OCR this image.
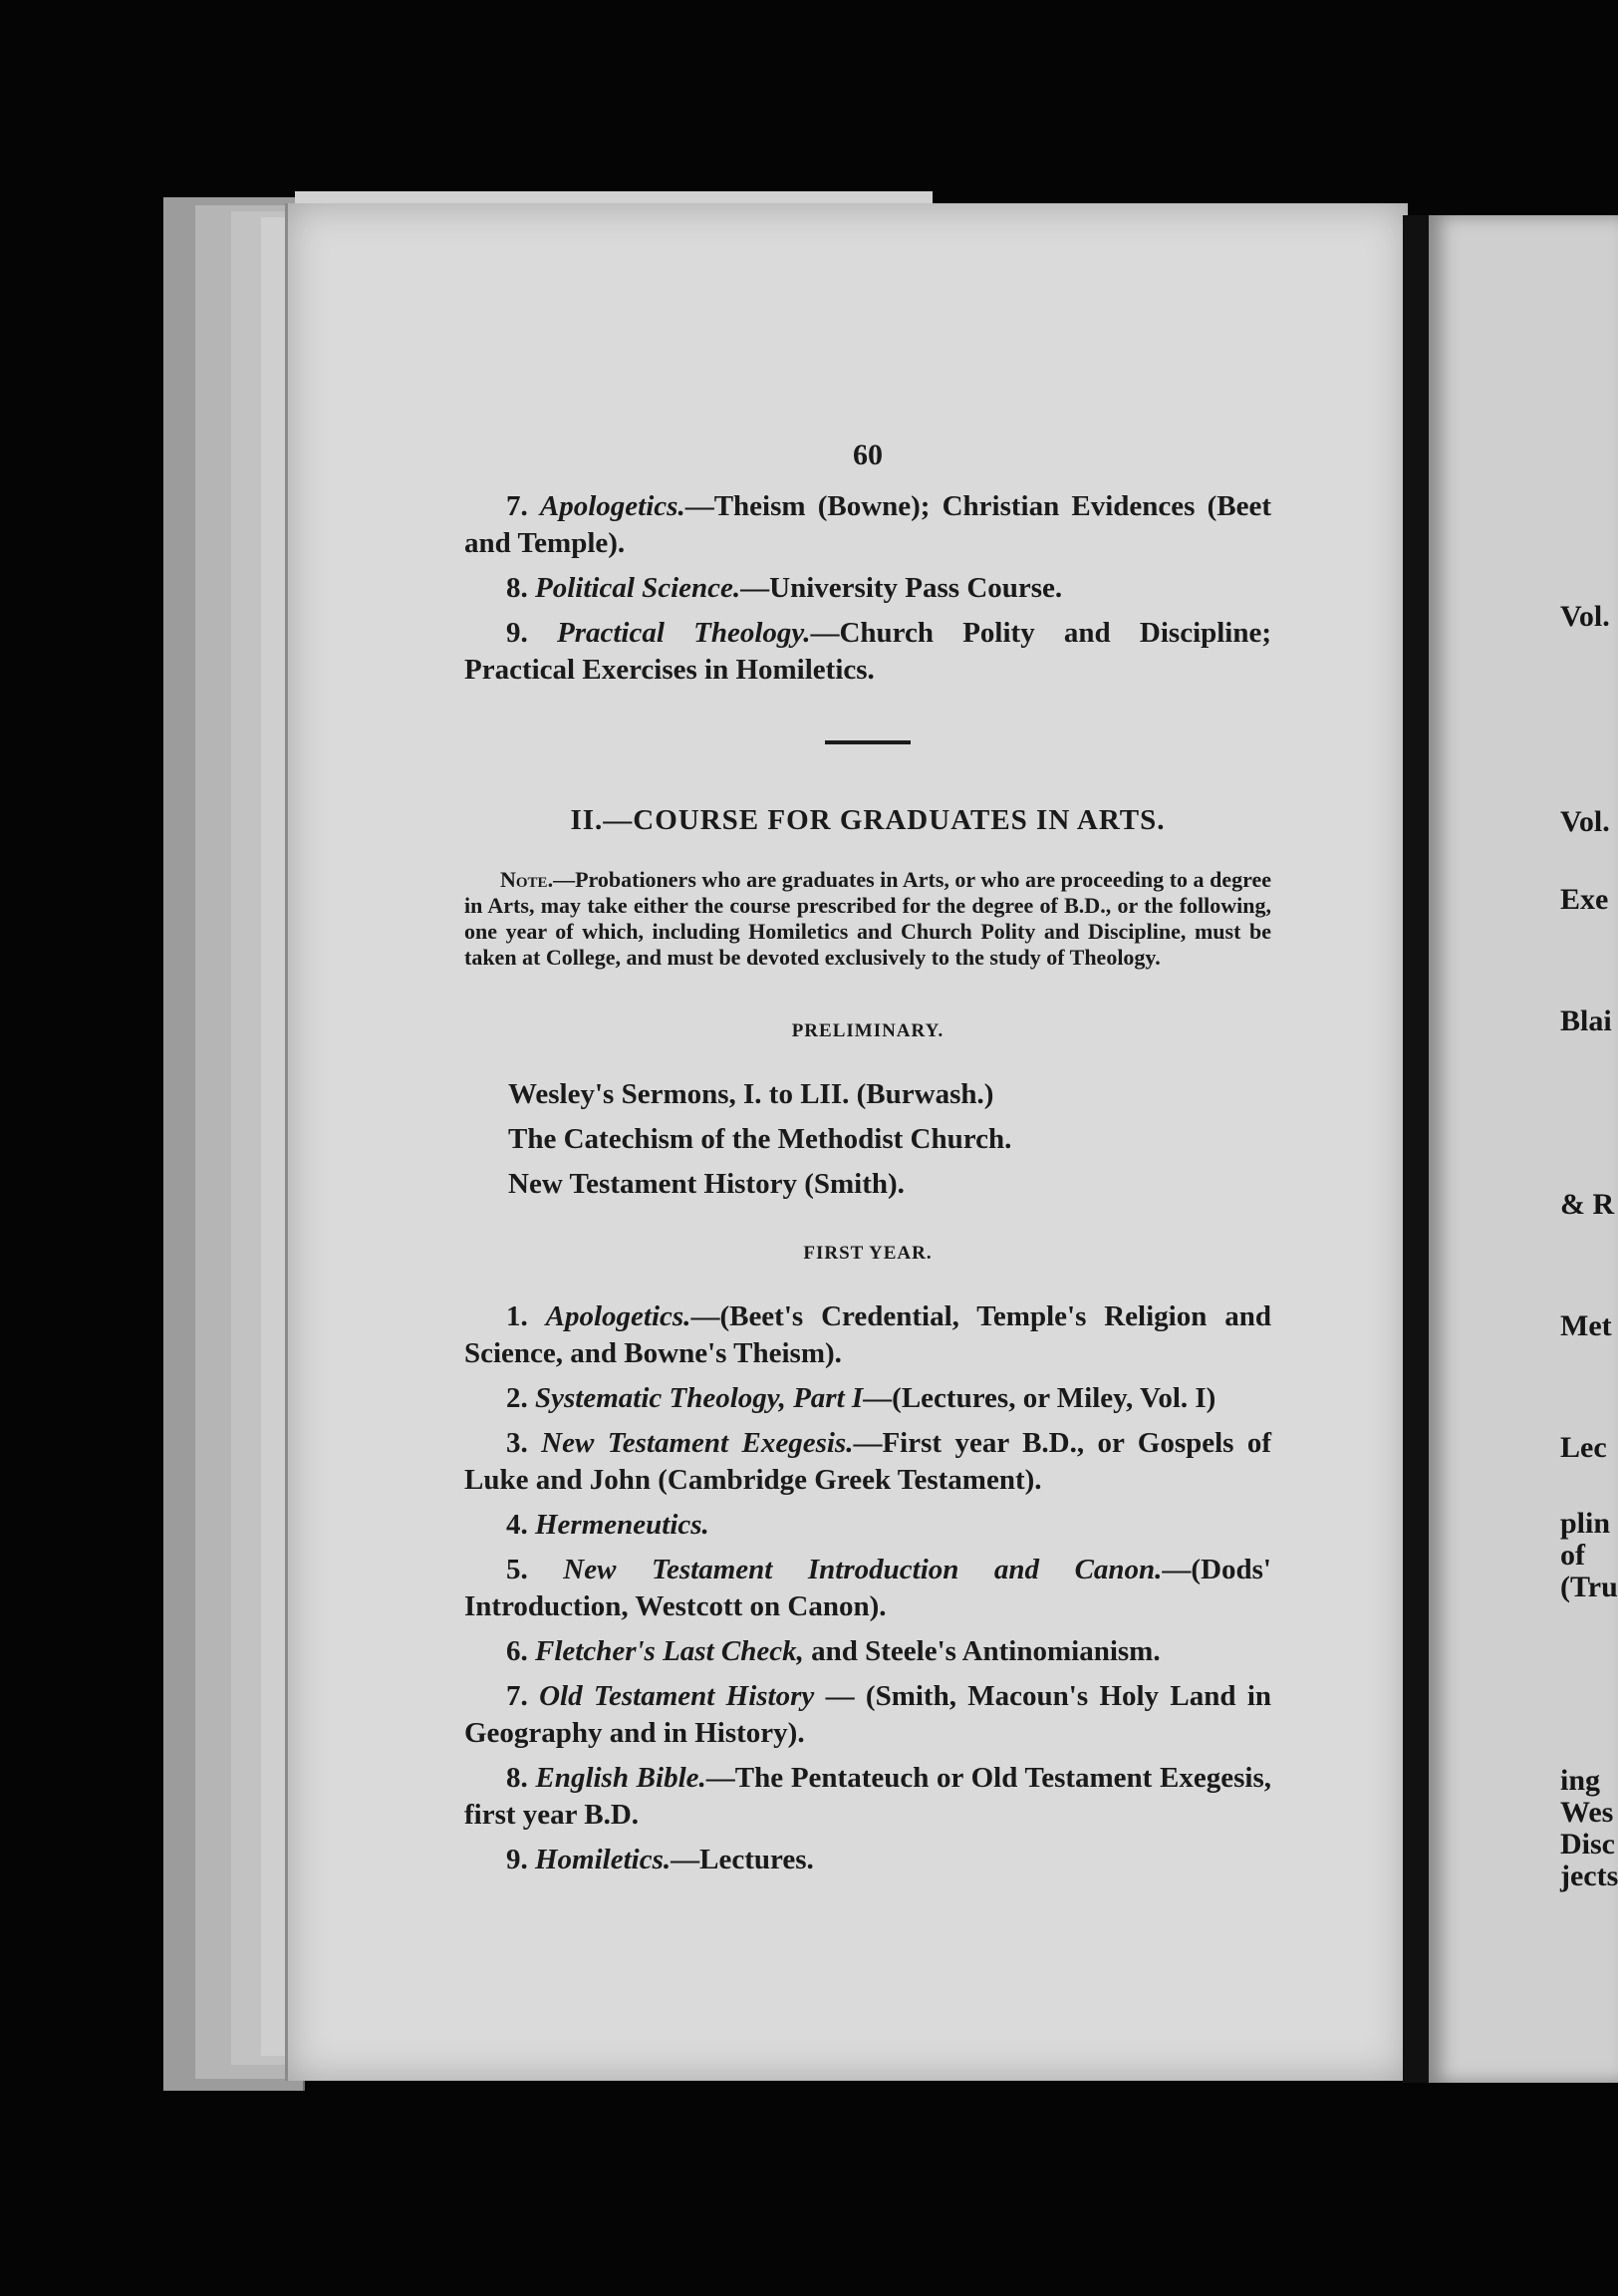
Vol.
Vol.
Exe
Blai
& R
Met
Lec
plin
of
(Tru
ing
Wes
Disc
jects
60

7. Apologetics.—Theism (Bowne); Christian Evidences (Beet and Temple).

8. Political Science.—University Pass Course.

9. Practical Theology.—Church Polity and Discipline; Practical Exercises in Homiletics.

II.—COURSE FOR GRADUATES IN ARTS.

Note.—Probationers who are graduates in Arts, or who are proceeding to a degree in Arts, may take either the course prescribed for the degree of B.D., or the following, one year of which, including Homiletics and Church Polity and Discipline, must be taken at College, and must be devoted exclusively to the study of Theology.

PRELIMINARY.
Wesley's Sermons, I. to LII. (Burwash.)
The Catechism of the Methodist Church.
New Testament History (Smith).
FIRST YEAR.

1. Apologetics.—(Beet's Credential, Temple's Religion and Science, and Bowne's Theism).

2. Systematic Theology, Part I—(Lectures, or Miley, Vol. I)

3. New Testament Exegesis.—First year B.D., or Gospels of Luke and John (Cambridge Greek Testament).

4. Hermeneutics.

5. New Testament Introduction and Canon.—(Dods' Introduction, Westcott on Canon).

6. Fletcher's Last Check, and Steele's Antinomianism.

7. Old Testament History — (Smith, Macoun's Holy Land in Geography and in History).

8. English Bible.—The Pentateuch or Old Testament Exegesis, first year B.D.

9. Homiletics.—Lectures.
